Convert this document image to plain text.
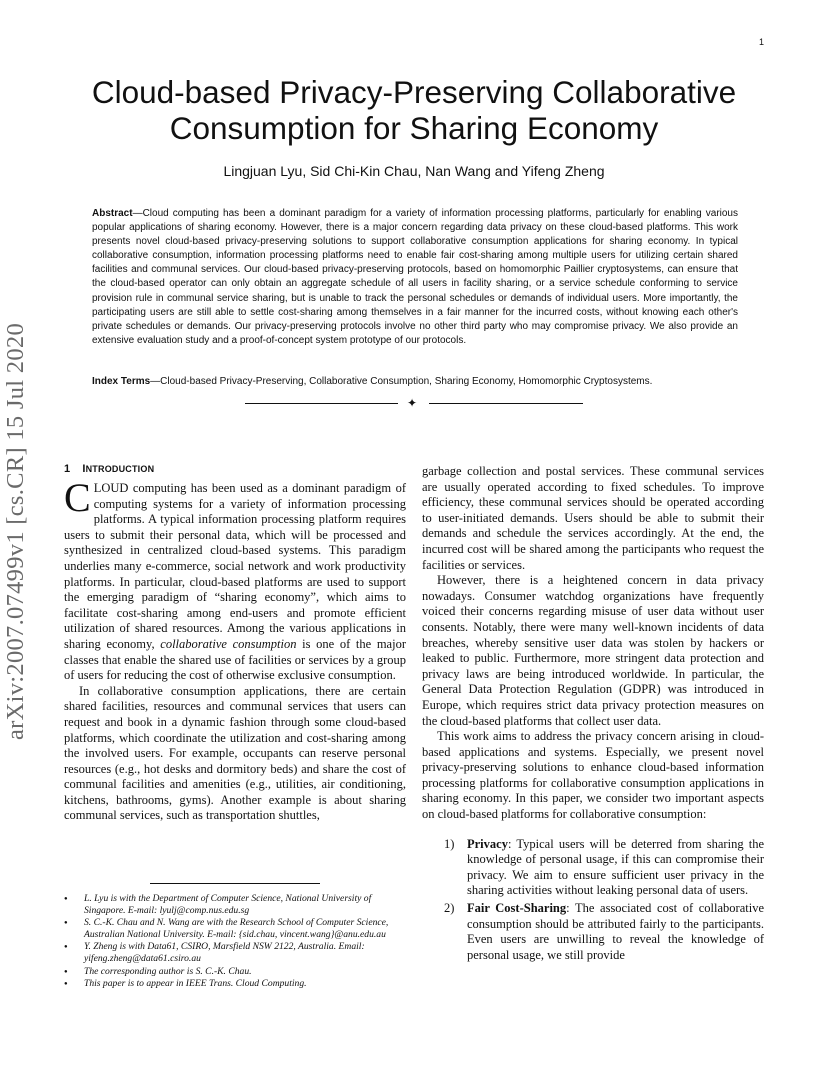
1
Cloud-based Privacy-Preserving Collaborative Consumption for Sharing Economy
Lingjuan Lyu, Sid Chi-Kin Chau, Nan Wang and Yifeng Zheng

Abstract—Cloud computing has been a dominant paradigm for a variety of information processing platforms, particularly for enabling various popular applications of sharing economy. However, there is a major concern regarding data privacy on these cloud-based platforms. This work presents novel cloud-based privacy-preserving solutions to support collaborative consumption applications for sharing economy. In typical collaborative consumption, information processing platforms need to enable fair cost-sharing among multiple users for utilizing certain shared facilities and communal services. Our cloud-based privacy-preserving protocols, based on homomorphic Paillier cryptosystems, can ensure that the cloud-based operator can only obtain an aggregate schedule of all users in facility sharing, or a service schedule conforming to service provision rule in communal service sharing, but is unable to track the personal schedules or demands of individual users. More importantly, the participating users are still able to settle cost-sharing among themselves in a fair manner for the incurred costs, without knowing each other's private schedules or demands. Our privacy-preserving protocols involve no other third party who may compromise privacy. We also provide an extensive evaluation study and a proof-of-concept system prototype of our protocols.

Index Terms—Cloud-based Privacy-Preserving, Collaborative Consumption, Sharing Economy, Homomorphic Cryptosystems.

✦
arXiv:2007.07499v1 [cs.CR] 15 Jul 2020	1 INTRODUCTION

CLOUD computing has been used as a dominant paradigm of computing systems for a variety of information processing platforms. A typical information processing platform requires users to submit their personal data, which will be processed and synthesized in centralized cloud-based systems. This paradigm underlies many e-commerce, social network and work productivity platforms. In particular, cloud-based platforms are used to support the emerging paradigm of “sharing economy”, which aims to facilitate cost-sharing among end-users and promote efficient utilization of shared resources. Among the various applications in sharing economy, collaborative consumption is one of the major classes that enable the shared use of facilities or services by a group of users for reducing the cost of otherwise exclusive consumption.

In collaborative consumption applications, there are certain shared facilities, resources and communal services that users can request and book in a dynamic fashion through some cloud-based platforms, which coordinate the utilization and cost-sharing among the involved users. For example, occupants can reserve personal resources (e.g., hot desks and dormitory beds) and share the cost of communal facilities and amenities (e.g., utilities, air conditioning, kitchens, bathrooms, gyms). Another example is about sharing communal services, such as transportation shuttles,

● L. Lyu is with the Department of Computer Science, National University of Singapore. E-mail: lyulj@comp.nus.edu.sg
● S. C.-K. Chau and N. Wang are with the Research School of Computer Science, Australian National University. E-mail: {sid.chau, vincent.wang}@anu.edu.au
● Y. Zheng is with Data61, CSIRO, Marsfield NSW 2122, Australia. Email: yifeng.zheng@data61.csiro.au
● The corresponding author is S. C.-K. Chau.
● This paper is to appear in IEEE Trans. Cloud Computing.

garbage collection and postal services. These communal services are usually operated according to fixed schedules. To improve efficiency, these communal services should be operated according to user-initiated demands. Users should be able to submit their demands and schedule the services accordingly. At the end, the incurred cost will be shared among the participants who request the facilities or services.

However, there is a heightened concern in data privacy nowadays. Consumer watchdog organizations have frequently voiced their concerns regarding misuse of user data without user consents. Notably, there were many well-known incidents of data breaches, whereby sensitive user data was stolen by hackers or leaked to public. Furthermore, more stringent data protection and privacy laws are being introduced worldwide. In particular, the General Data Protection Regulation (GDPR) was introduced in Europe, which requires strict data privacy protection measures on the cloud-based platforms that collect user data.

This work aims to address the privacy concern arising in cloud-based applications and systems. Especially, we present novel privacy-preserving solutions to enhance cloud-based information processing platforms for collaborative consumption applications in sharing economy. In this paper, we consider two important aspects on cloud-based platforms for collaborative consumption:

1) Privacy: Typical users will be deterred from sharing the knowledge of personal usage, if this can compromise their privacy. We aim to ensure sufficient user privacy in the sharing activities without leaking personal data of users.
2) Fair Cost-Sharing: The associated cost of collaborative consumption should be attributed fairly to the participants. Even users are unwilling to reveal the knowledge of personal usage, we still provide
